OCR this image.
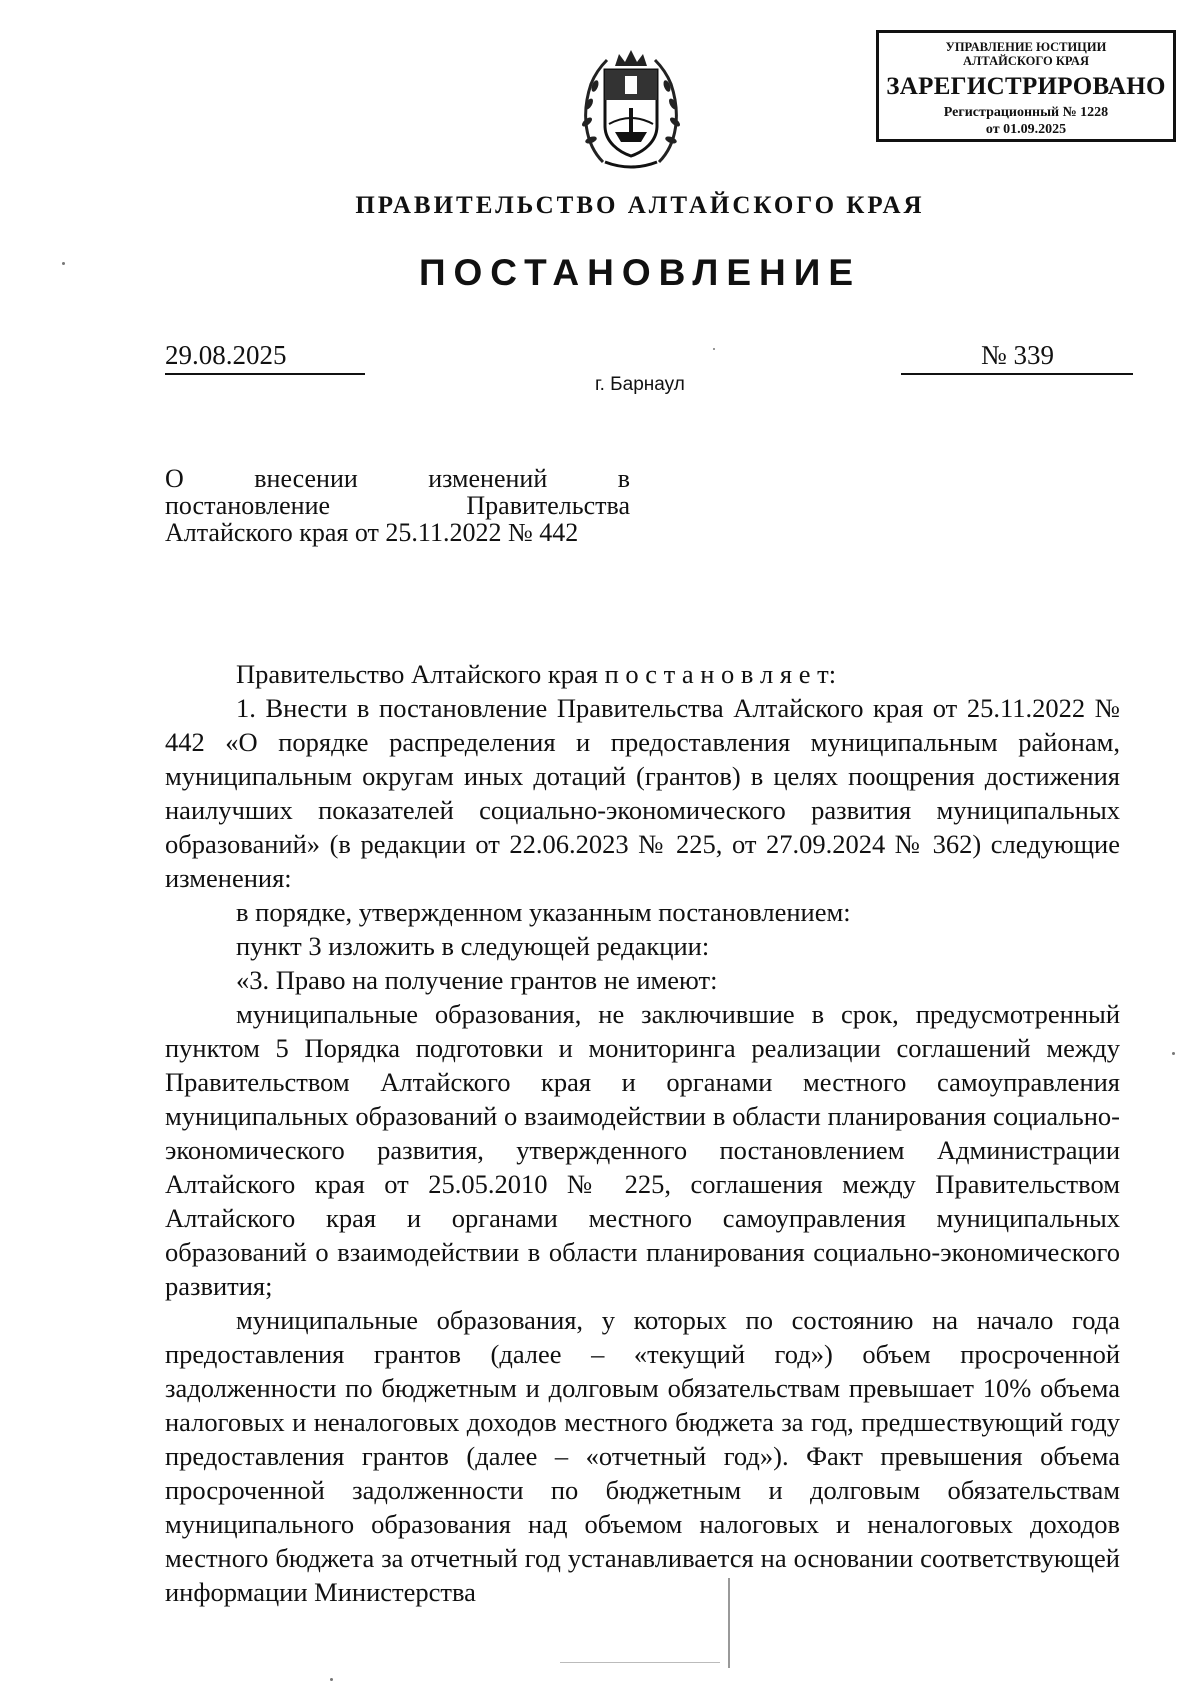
УПРАВЛЕНИЕ ЮСТИЦИИ
АЛТАЙСКОГО КРАЯ
ЗАРЕГИСТРИРОВАНО
Регистрационный № 1228
от 01.09.2025
ПРАВИТЕЛЬСТВО АЛТАЙСКОГО КРАЯ
ПОСТАНОВЛЕНИЕ
29.08.2025	№ 339
г. Барнаул
О внесении изменений в
постановление Правительства
Алтайского края от 25.11.2022 № 442

Правительство Алтайского края п о с т а н о в л я е т:

1. Внести в постановление Правительства Алтайского края от 25.11.2022 № 442 «О порядке распределения и предоставления муниципальным районам, муниципальным округам иных дотаций (грантов) в целях поощрения достижения наилучших показателей социально-экономического развития муниципальных образований» (в редакции от 22.06.2023 № 225, от 27.09.2024 № 362) следующие изменения:

в порядке, утвержденном указанным постановлением:

пункт 3 изложить в следующей редакции:

«3. Право на получение грантов не имеют:

муниципальные образования, не заключившие в срок, предусмотренный пунктом 5 Порядка подготовки и мониторинга реализации соглашений между Правительством Алтайского края и органами местного самоуправления муниципальных образований о взаимодействии в области планирования социально-экономического развития, утвержденного постановлением Администрации Алтайского края от 25.05.2010 № 225, соглашения между Правительством Алтайского края и органами местного самоуправления муниципальных образований о взаимодействии в области планирования социально-экономического развития;

муниципальные образования, у которых по состоянию на начало года предоставления грантов (далее – «текущий год») объем просроченной задолженности по бюджетным и долговым обязательствам превышает 10% объема налоговых и неналоговых доходов местного бюджета за год, предшествующий году предоставления грантов (далее – «отчетный год»). Факт превышения объема просроченной задолженности по бюджетным и долговым обязательствам муниципального образования над объемом налоговых и неналоговых доходов местного бюджета за отчетный год устанавливается на основании соответствующей информации Министерства
